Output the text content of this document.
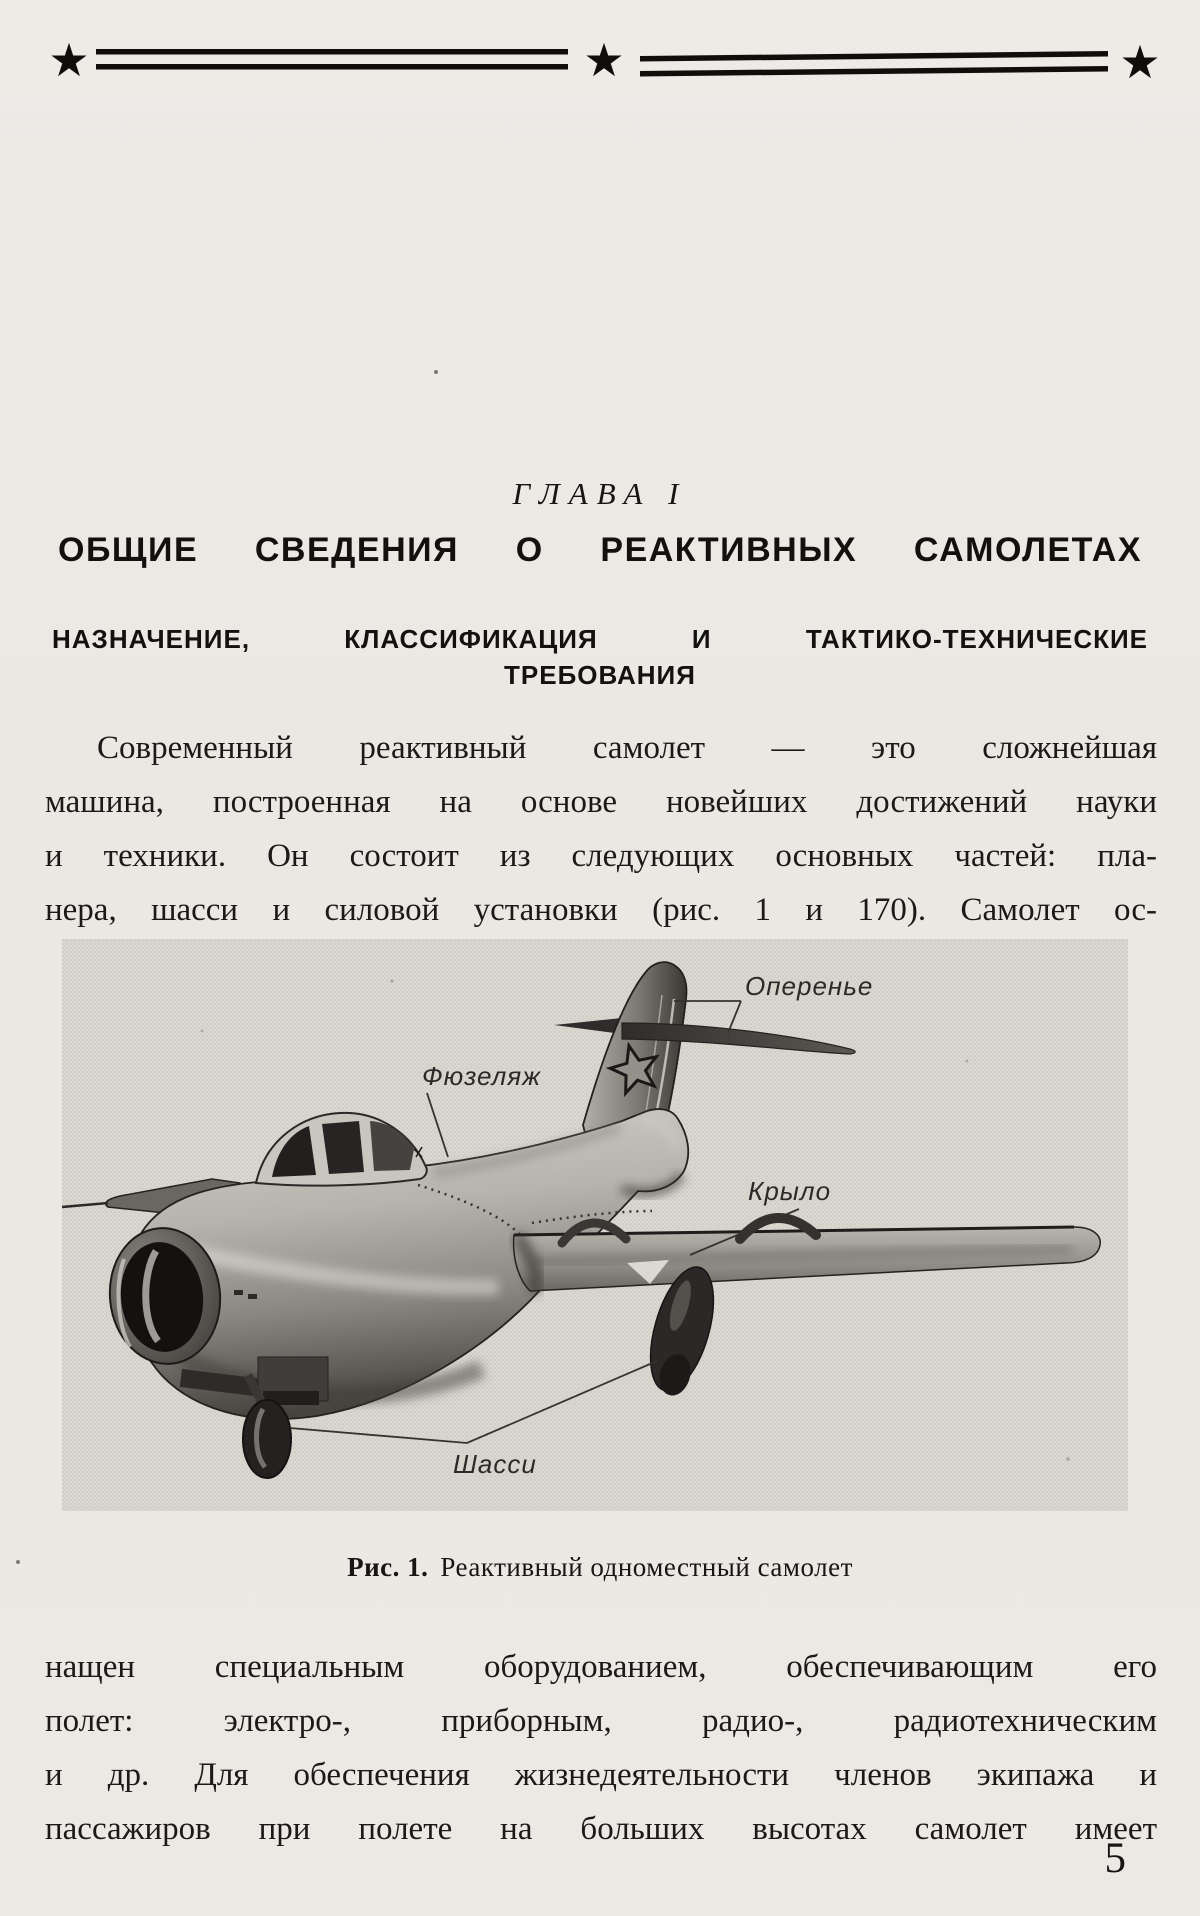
★	★	★
ГЛАВА I
ОБЩИЕ СВЕДЕНИЯ О РЕАКТИВНЫХ САМОЛЕТАХ
НАЗНАЧЕНИЕ, КЛАССИФИКАЦИЯ И ТАКТИКО-ТЕХНИЧЕСКИЕ
ТРЕБОВАНИЯ
Современный реактивный самолет — это сложнейшая
машина, построенная на основе новейших достижений науки
и техники. Он состоит из следующих основных частей: пла-
нера, шасси и силовой установки (рис. 1 и 170). Самолет ос-
Оперенье
Фюзеляж
Крыло
Шасси
Рис. 1. Реактивный одноместный самолет
нащен специальным оборудованием, обеспечивающим его
полет: электро-, приборным, радио-, радиотехническим
и др. Для обеспечения жизнедеятельности членов экипажа и
пассажиров при полете на больших высотах самолет имеет
5
